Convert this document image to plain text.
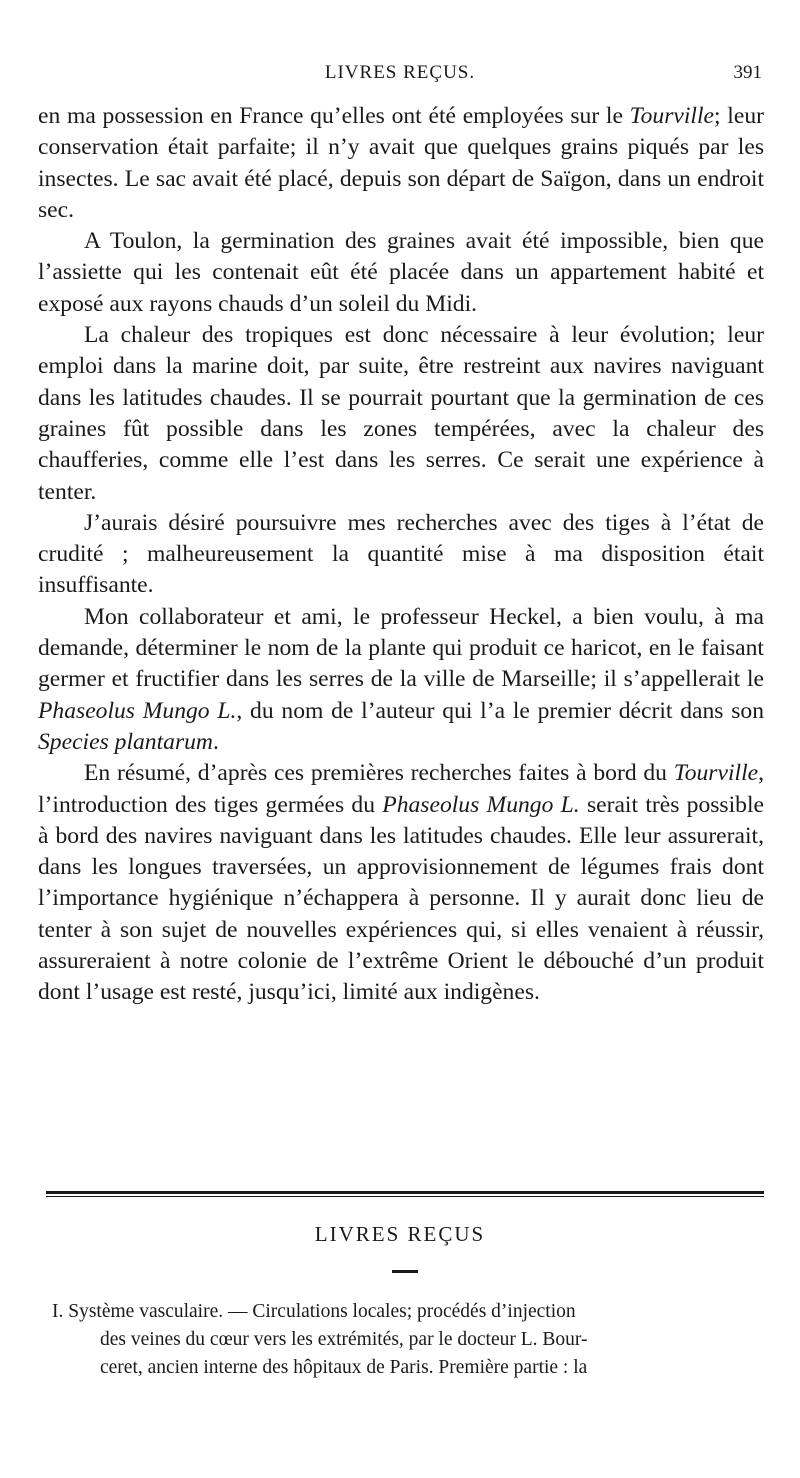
LIVRES REÇUS.	391

en ma possession en France qu’elles ont été employées sur le Tourville; leur conservation était parfaite; il n’y avait que quelques grains piqués par les insectes. Le sac avait été placé, depuis son départ de Saïgon, dans un endroit sec.

A Toulon, la germination des graines avait été impossible, bien que l’assiette qui les contenait eût été placée dans un appartement habité et exposé aux rayons chauds d’un soleil du Midi.

La chaleur des tropiques est donc nécessaire à leur évolution; leur emploi dans la marine doit, par suite, être restreint aux navires naviguant dans les latitudes chaudes. Il se pourrait pourtant que la germination de ces graines fût possible dans les zones tempérées, avec la chaleur des chaufferies, comme elle l’est dans les serres. Ce serait une expérience à tenter.

J’aurais désiré poursuivre mes recherches avec des tiges à l’état de crudité ; malheureusement la quantité mise à ma disposition était insuffisante.

Mon collaborateur et ami, le professeur Heckel, a bien voulu, à ma demande, déterminer le nom de la plante qui produit ce haricot, en le faisant germer et fructifier dans les serres de la ville de Marseille; il s’appellerait le Phaseolus Mungo L., du nom de l’auteur qui l’a le premier décrit dans son Species plantarum.

En résumé, d’après ces premières recherches faites à bord du Tourville, l’introduction des tiges germées du Phaseolus Mungo L. serait très possible à bord des navires naviguant dans les latitudes chaudes. Elle leur assurerait, dans les longues traversées, un approvisionnement de légumes frais dont l’importance hygiénique n’échappera à personne. Il y aurait donc lieu de tenter à son sujet de nouvelles expériences qui, si elles venaient à réussir, assureraient à notre colonie de l’extrême Orient le débouché d’un produit dont l’usage est resté, jusqu’ici, limité aux indigènes.

LIVRES REÇUS
I. Système vasculaire. — Circulations locales; procédés d’injection
des veines du cœur vers les extrémités, par le docteur L. Bour-
ceret, ancien interne des hôpitaux de Paris. Première partie : la
